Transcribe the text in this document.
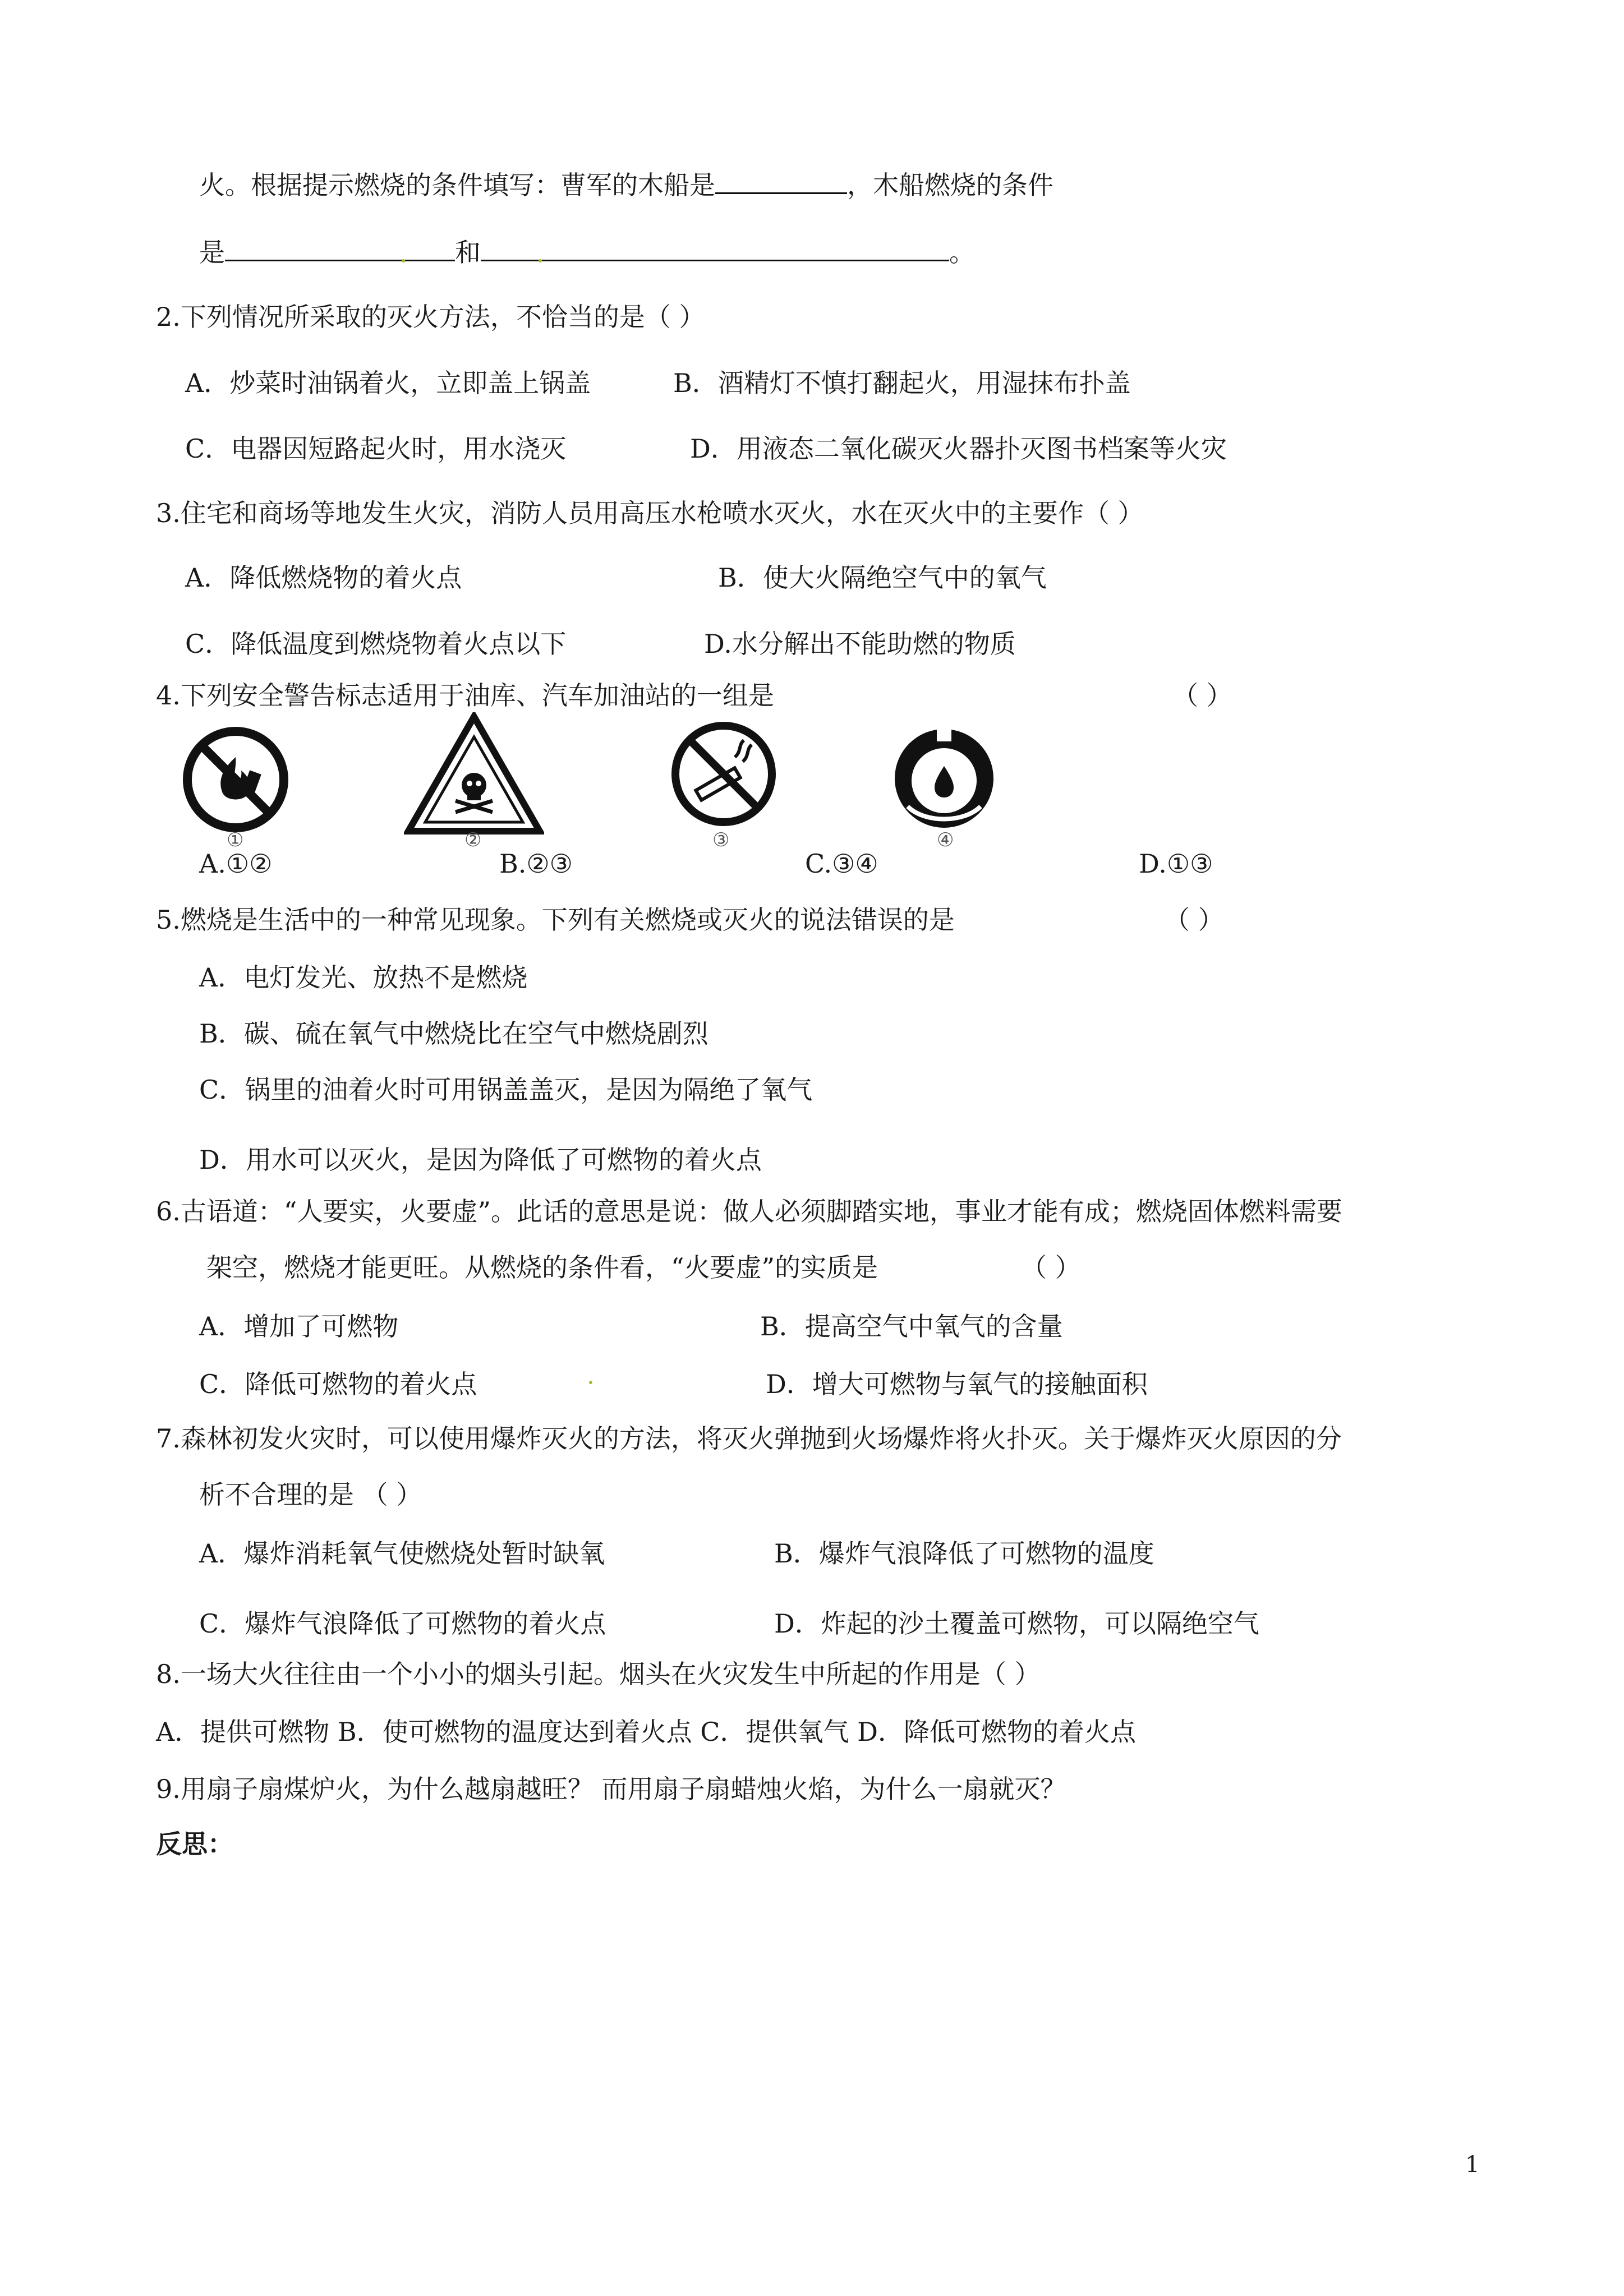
火。根据提示燃烧的条件填写：曹军的木船是	，木船燃烧的条件
是	和	。
2.下列情况所采取的灭火方法，不恰当的是（ ）
A．炒菜时油锅着火，立即盖上锅盖	B．酒精灯不慎打翻起火，用湿抹布扑盖
C．电器因短路起火时，用水浇灭	D．用液态二氧化碳灭火器扑灭图书档案等火灾
3.住宅和商场等地发生火灾，消防人员用高压水枪喷水灭火，水在灭火中的主要作（ ）
A．降低燃烧物的着火点	B．使大火隔绝空气中的氧气
C．降低温度到燃烧物着火点以下	D.水分解出不能助燃的物质
4.下列安全警告标志适用于油库、汽车加油站的一组是	（ ）
①	②	③	④
A.①②	B.②③	C.③④	D.①③
5.燃烧是生活中的一种常见现象。下列有关燃烧或灭火的说法错误的是	（ ）
A．电灯发光、放热不是燃烧
B．碳、硫在氧气中燃烧比在空气中燃烧剧烈
C．锅里的油着火时可用锅盖盖灭，是因为隔绝了氧气
D．用水可以灭火，是因为降低了可燃物的着火点
6.古语道：“人要实，火要虚”。此话的意思是说：做人必须脚踏实地，事业才能有成；燃烧固体燃料需要
架空，燃烧才能更旺。从燃烧的条件看，“火要虚”的实质是	（ ）
A．增加了可燃物	B．提高空气中氧气的含量
C．降低可燃物的着火点	D．增大可燃物与氧气的接触面积
7.森林初发火灾时，可以使用爆炸灭火的方法，将灭火弹抛到火场爆炸将火扑灭。关于爆炸灭火原因的分
析不合理的是 （ ）
A．爆炸消耗氧气使燃烧处暂时缺氧	B．爆炸气浪降低了可燃物的温度
C．爆炸气浪降低了可燃物的着火点	D．炸起的沙土覆盖可燃物，可以隔绝空气
8.一场大火往往由一个小小的烟头引起。烟头在火灾发生中所起的作用是（ ）
A．提供可燃物 B．使可燃物的温度达到着火点 C．提供氧气 D．降低可燃物的着火点
9.用扇子扇煤炉火，为什么越扇越旺？ 而用扇子扇蜡烛火焰，为什么一扇就灭？
反思：
1
